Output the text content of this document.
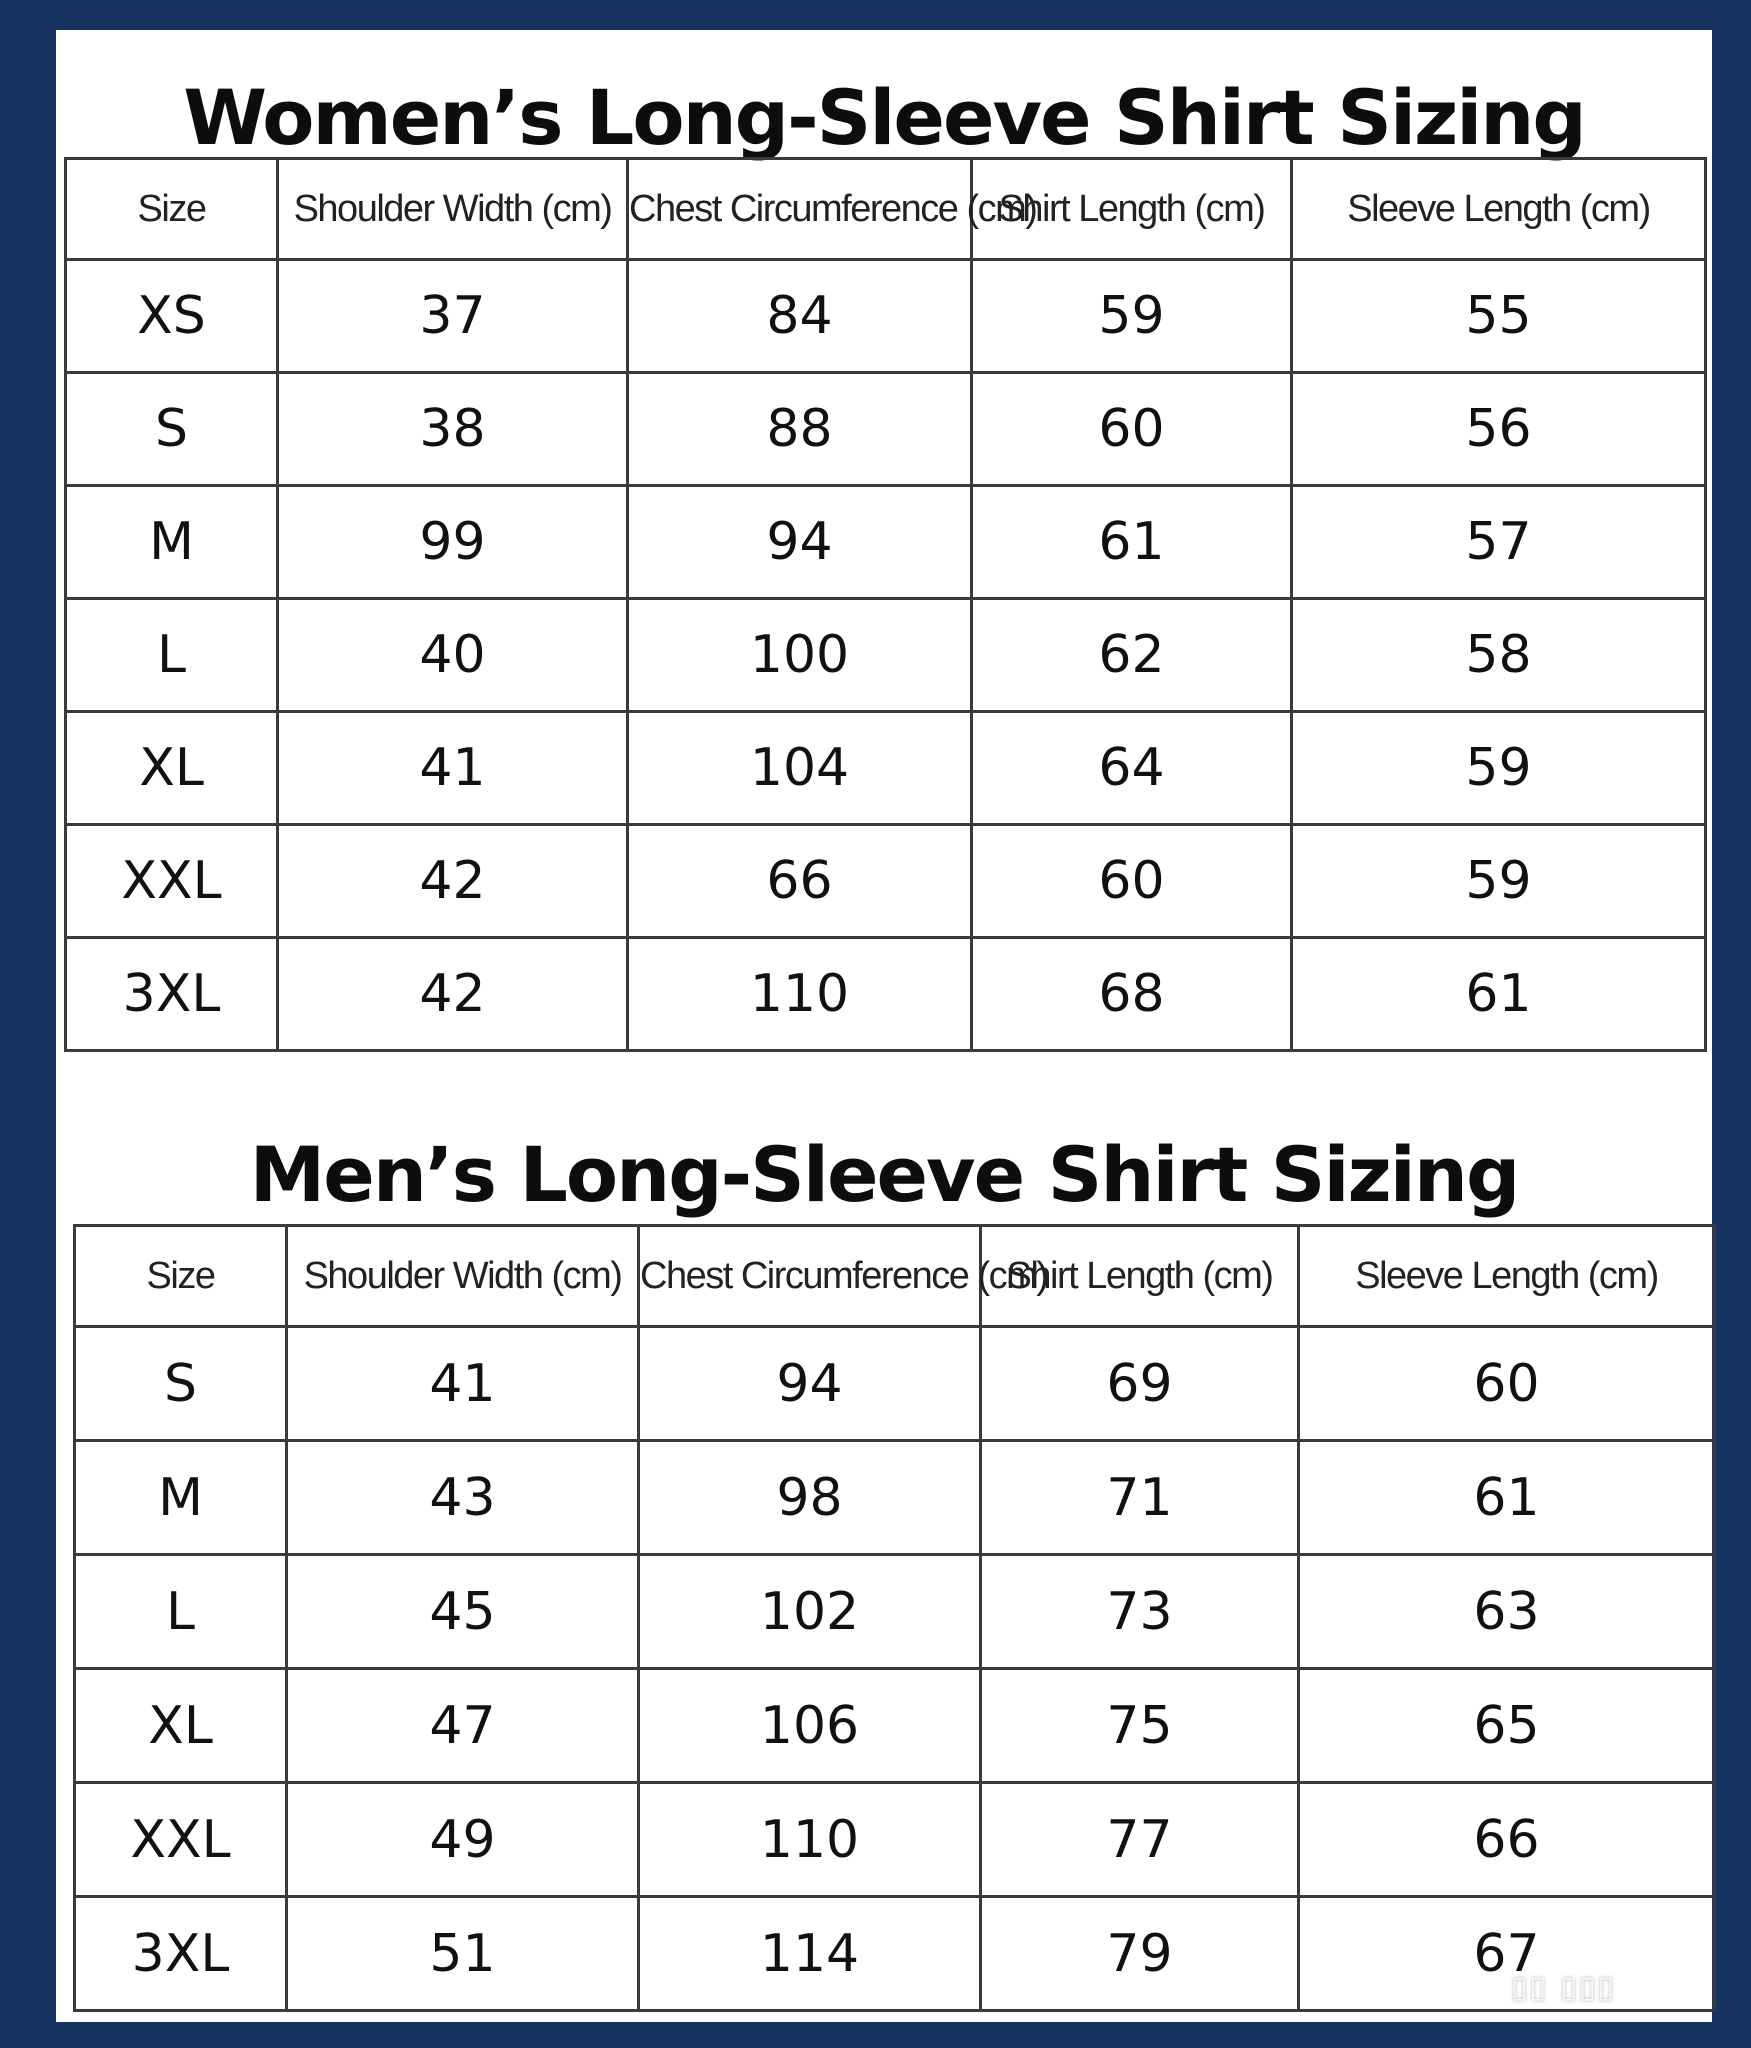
Women’s Long-Sleeve Shirt Sizing
Size	Shoulder Width (cm)	Chest Circumference (cm)	Shirt Length (cm)	Sleeve Length (cm)
XS	37	84	59	55
S	38	88	60	56
M	99	94	61	57
L	40	100	62	58
XL	41	104	64	59
XXL	42	66	60	59
3XL	42	110	68	61
Men’s Long-Sleeve Shirt Sizing
Size	Shoulder Width (cm)	Chest Circumference (cm)	Shirt Length (cm)	Sleeve Length (cm)
S	41	94	69	60
M	43	98	71	61
L	45	102	73	63
XL	47	106	75	65
XXL	49	110	77	66
3XL	51	114	79	67
▯▯ ▯▯▯
